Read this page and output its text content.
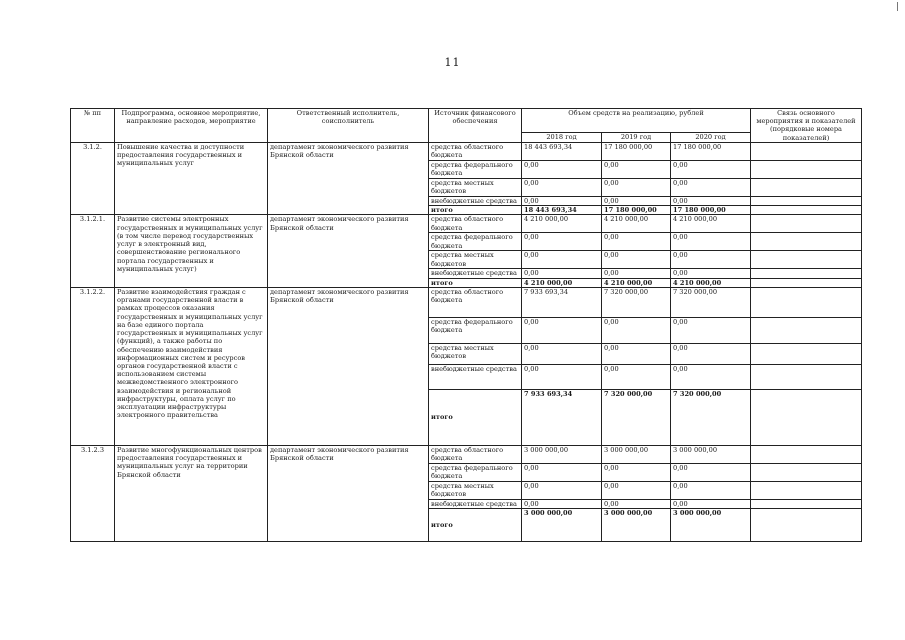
11
№ пп	Подпрограмма, основное мероприятие, направление расходов, мероприятие	Ответственный исполнитель, соисполнитель	Источник финансового обеспечения	Объем средств на реализацию, рублей			Связь основного мероприятия и показателей (порядковые номера показателей)
				2018 год	2019 год	2020 год	
3.1.2.	Повышение качества и доступности предоставления государственных и муниципальных услуг	департамент экономического развития Брянской области	средства областного бюджета	18 443 693,34	17 180 000,00	17 180 000,00	
			средства федерального бюджета	0,00	0,00	0,00	
			средства местных бюджетов	0,00	0,00	0,00	
			внебюджетные средства	0,00	0,00	0,00	
			итого	18 443 693,34	17 180 000,00	17 180 000,00	
3.1.2.1.	Развитие системы электронных государственных и муниципальных услуг (в том числе перевод государственных услуг в электронный вид, совершенствование регионального портала государственных и муниципальных услуг)	департамент экономического развития Брянской области	средства областного бюджета	4 210 000,00	4 210 000,00	4 210 000,00	
			средства федерального бюджета	0,00	0,00	0,00	
			средства местных бюджетов	0,00	0,00	0,00	
			внебюджетные средства	0,00	0,00	0,00	
			итого	4 210 000,00	4 210 000,00	4 210 000,00	
3.1.2.2.	Развитие взаимодействия граждан с органами государственной власти в рамках процессов оказания государственных и муниципальных услуг на базе единого портала государственных и муниципальных услуг (функций), а также работы по обеспечению взаимодействия информационных систем и ресурсов органов государственной власти с использованием системы межведомственного электронного взаимодействия и региональной инфраструктуры, оплата услуг по эксплуатации инфраструктуры электронного правительства	департамент экономического развития Брянской области	средства областного бюджета	7 933 693,34	7 320 000,00	7 320 000,00	
			средства федерального бюджета	0,00	0,00	0,00	
			средства местных бюджетов	0,00	0,00	0,00	
			внебюджетные средства	0,00	0,00	0,00	
			итого	7 933 693,34	7 320 000,00	7 320 000,00	
3.1.2.3	Развитие многофункциональных центров предоставления государственных и муниципальных услуг на территории Брянской области	департамент экономического развития Брянской области	средства областного бюджета	3 000 000,00	3 000 000,00	3 000 000,00	
			средства федерального бюджета	0,00	0,00	0,00	
			средства местных бюджетов	0,00	0,00	0,00	
			внебюджетные средства	0,00	0,00	0,00	
			итого	3 000 000,00	3 000 000,00	3 000 000,00	
